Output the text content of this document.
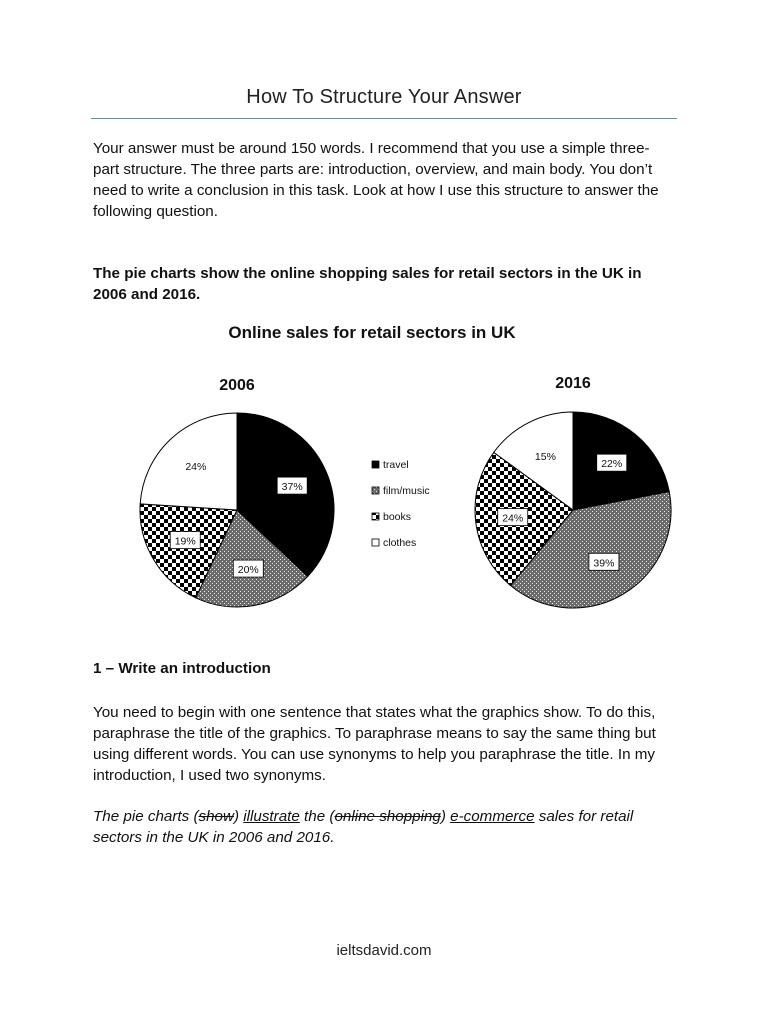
How To Structure Your Answer

Your answer must be around 150 words. I recommend that you use a simple three-part structure. The three parts are: introduction, overview, and main body. You don’t need to write a conclusion in this task. Look at how I use this structure to answer the following question.

The pie charts show the online shopping sales for retail sectors in the UK in 2006 and 2016.

Online sales for retail sectors in UK
2006
37%
20%
19%
24%
2016
22%
39%
24%
15%
travel
film/music
books
clothes

1 – Write an introduction

You need to begin with one sentence that states what the graphics show. To do this, paraphrase the title of the graphics. To paraphrase means to say the same thing but using different words. You can use synonyms to help you paraphrase the title. In my introduction, I used two synonyms.

The pie charts (show) illustrate the (online shopping) e-commerce sales for retail sectors in the UK in 2006 and 2016.

ieltsdavid.com
